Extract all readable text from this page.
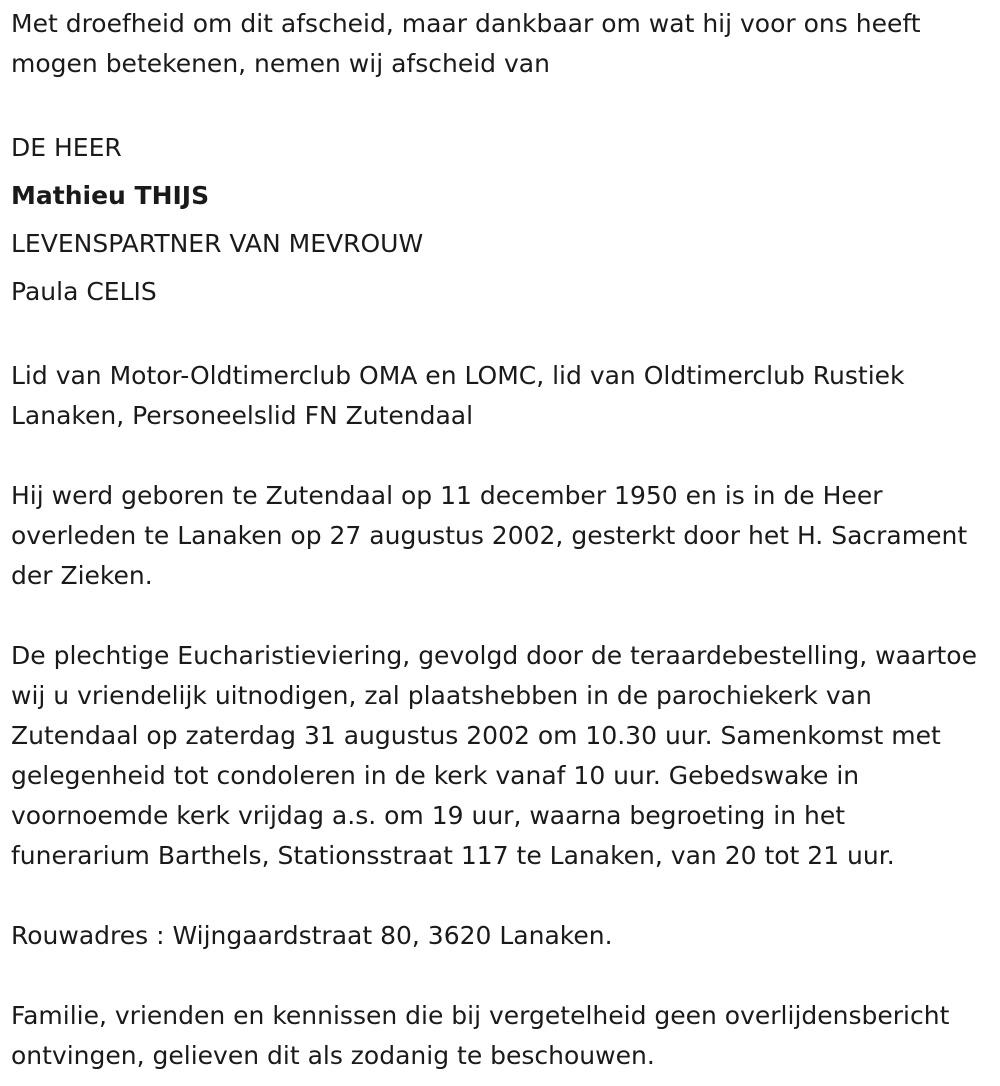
Met droefheid om dit afscheid, maar dankbaar om wat hij voor ons heeft mogen betekenen, nemen wij afscheid van

DE HEER

Mathieu THIJS

LEVENSPARTNER VAN MEVROUW

Paula CELIS

Lid van Motor-Oldtimerclub OMA en LOMC, lid van Oldtimerclub Rustiek Lanaken, Personeelslid FN Zutendaal

Hij werd geboren te Zutendaal op 11 december 1950 en is in de Heer overleden te Lanaken op 27 augustus 2002, gesterkt door het H. Sacrament der Zieken.

De plechtige Eucharistieviering, gevolgd door de teraardebestelling, waartoe wij u vriendelijk uitnodigen, zal plaatshebben in de parochiekerk van Zutendaal op zaterdag 31 augustus 2002 om 10.30 uur. Samenkomst met gelegenheid tot condoleren in de kerk vanaf 10 uur. Gebedswake in voornoemde kerk vrijdag a.s. om 19 uur, waarna begroeting in het funerarium Barthels, Stationsstraat 117 te Lanaken, van 20 tot 21 uur.

Rouwadres : Wijngaardstraat 80, 3620 Lanaken.

Familie, vrienden en kennissen die bij vergetelheid geen overlijdensbericht ontvingen, gelieven dit als zodanig te beschouwen.
